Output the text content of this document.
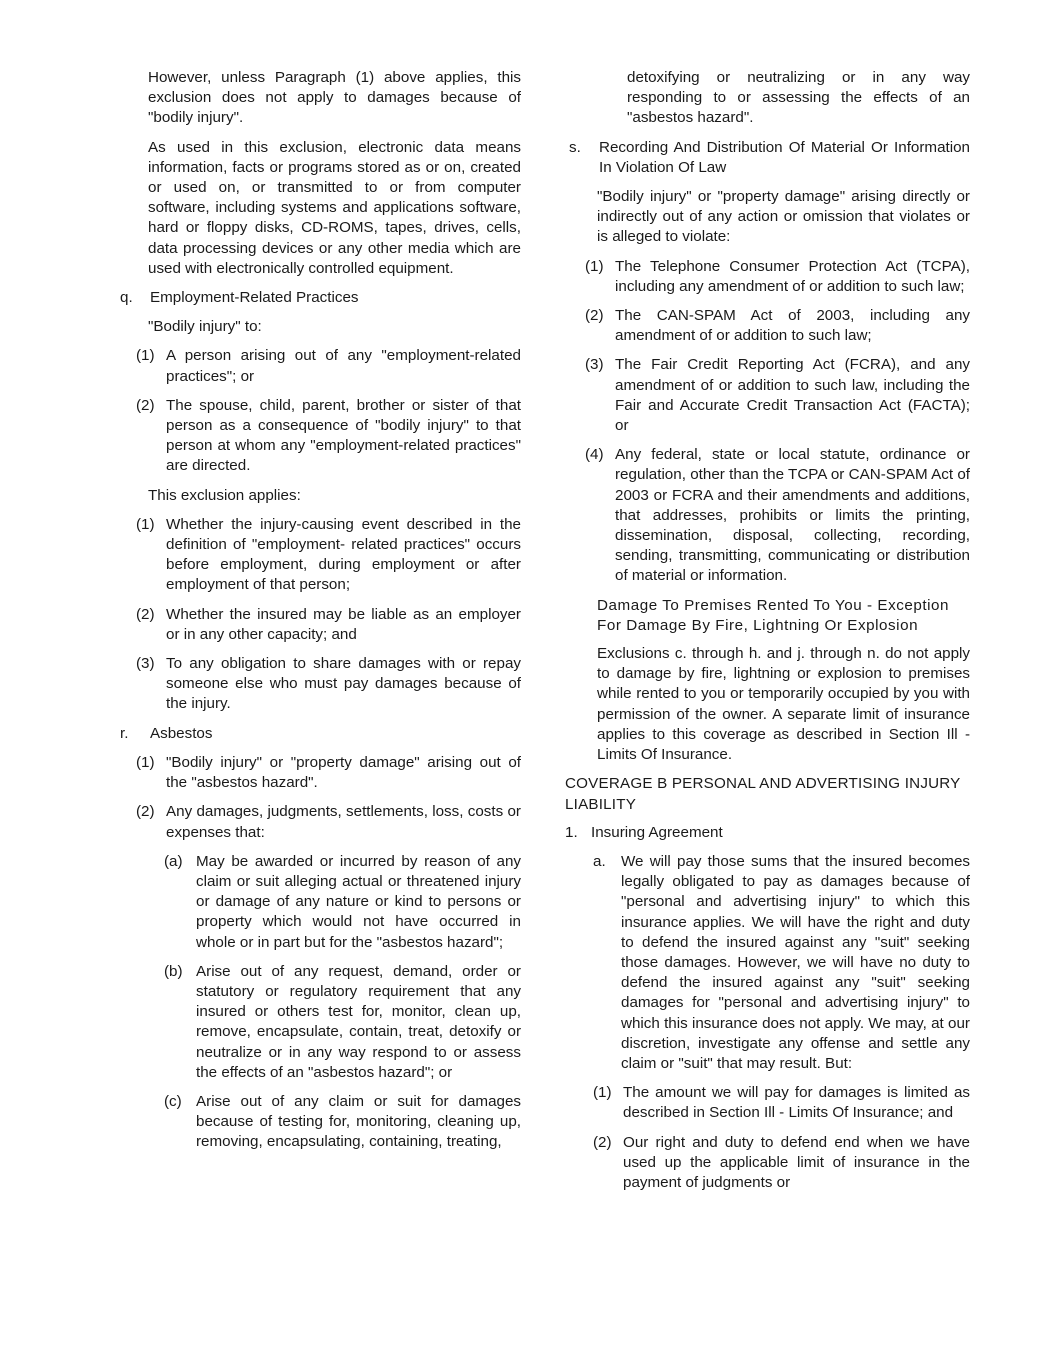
However, unless Paragraph (1) above applies, this exclusion does not apply to damages because of "bodily injury".

As used in this exclusion, electronic data means information, facts or programs stored as or on, created or used on, or transmitted to or from computer software, including systems and applications software, hard or floppy disks, CD-ROMS, tapes, drives, cells, data processing devices or any other media which are used with electronically controlled equipment.

q.	Employment-Related Practices

"Bodily injury" to:

(1) A person arising out of any "employment-related practices"; or
(2) The spouse, child, parent, brother or sister of that person as a consequence of "bodily injury" to that person at whom any "employment-related practices" are directed.

This exclusion applies:

(1) Whether the injury-causing event described in the definition of "employment- related practices" occurs before employment, during employment or after employment of that person;
(2) Whether the insured may be liable as an employer or in any other capacity; and
(3) To any obligation to share damages with or repay someone else who must pay damages because of the injury.
r.	Asbestos
(1) "Bodily injury" or "property damage" arising out of the "asbestos hazard".
(2) Any damages, judgments, settlements, loss, costs or expenses that:
(a) May be awarded or incurred by reason of any claim or suit alleging actual or threatened injury or damage of any nature or kind to persons or property which would not have occurred in whole or in part but for the "asbestos hazard";
(b) Arise out of any request, demand, order or statutory or regulatory requirement that any insured or others test for, monitor, clean up, remove, encapsulate, contain, treat, detoxify or neutralize or in any way respond to or assess the effects of an "asbestos hazard"; or
(c) Arise out of any claim or suit for damages because of testing for, monitoring, cleaning up, removing, encapsulating, containing, treating,

detoxifying or neutralizing or in any way responding to or assessing the effects of an "asbestos hazard".

s.	Recording And Distribution Of Material Or Information In Violation Of Law

"Bodily injury" or "property damage" arising directly or indirectly out of any action or omission that violates or is alleged to violate:

(1) The Telephone Consumer Protection Act (TCPA), including any amendment of or addition to such law;
(2) The CAN-SPAM Act of 2003, including any amendment of or addition to such law;
(3) The Fair Credit Reporting Act (FCRA), and any amendment of or addition to such law, including the Fair and Accurate Credit Transaction Act (FACTA); or
(4) Any federal, state or local statute, ordinance or regulation, other than the TCPA or CAN-SPAM Act of 2003 or FCRA and their amendments and additions, that addresses, prohibits or limits the printing, dissemination, disposal, collecting, recording, sending, transmitting, communicating or distribution of material or information.

Damage To Premises Rented To You - Exception For Damage By Fire, Lightning Or Explosion

Exclusions c. through h. and j. through n. do not apply to damage by fire, lightning or explosion to premises while rented to you or temporarily occupied by you with permission of the owner. A separate limit of insurance applies to this coverage as described in Section Ill - Limits Of Insurance.

COVERAGE B PERSONAL AND ADVERTISING INJURY LIABILITY

1. Insuring Agreement
a.	We will pay those sums that the insured becomes legally obligated to pay as damages because of "personal and advertising injury" to which this insurance applies. We will have the right and duty to defend the insured against any "suit" seeking those damages. However, we will have no duty to defend the insured against any "suit" seeking damages for "personal and advertising injury" to which this insurance does not apply. We may, at our discretion, investigate any offense and settle any claim or "suit" that may result. But:
(1) The amount we will pay for damages is limited as described in Section Ill - Limits Of Insurance; and
(2) Our right and duty to defend end when we have used up the applicable limit of insurance in the payment of judgments or
